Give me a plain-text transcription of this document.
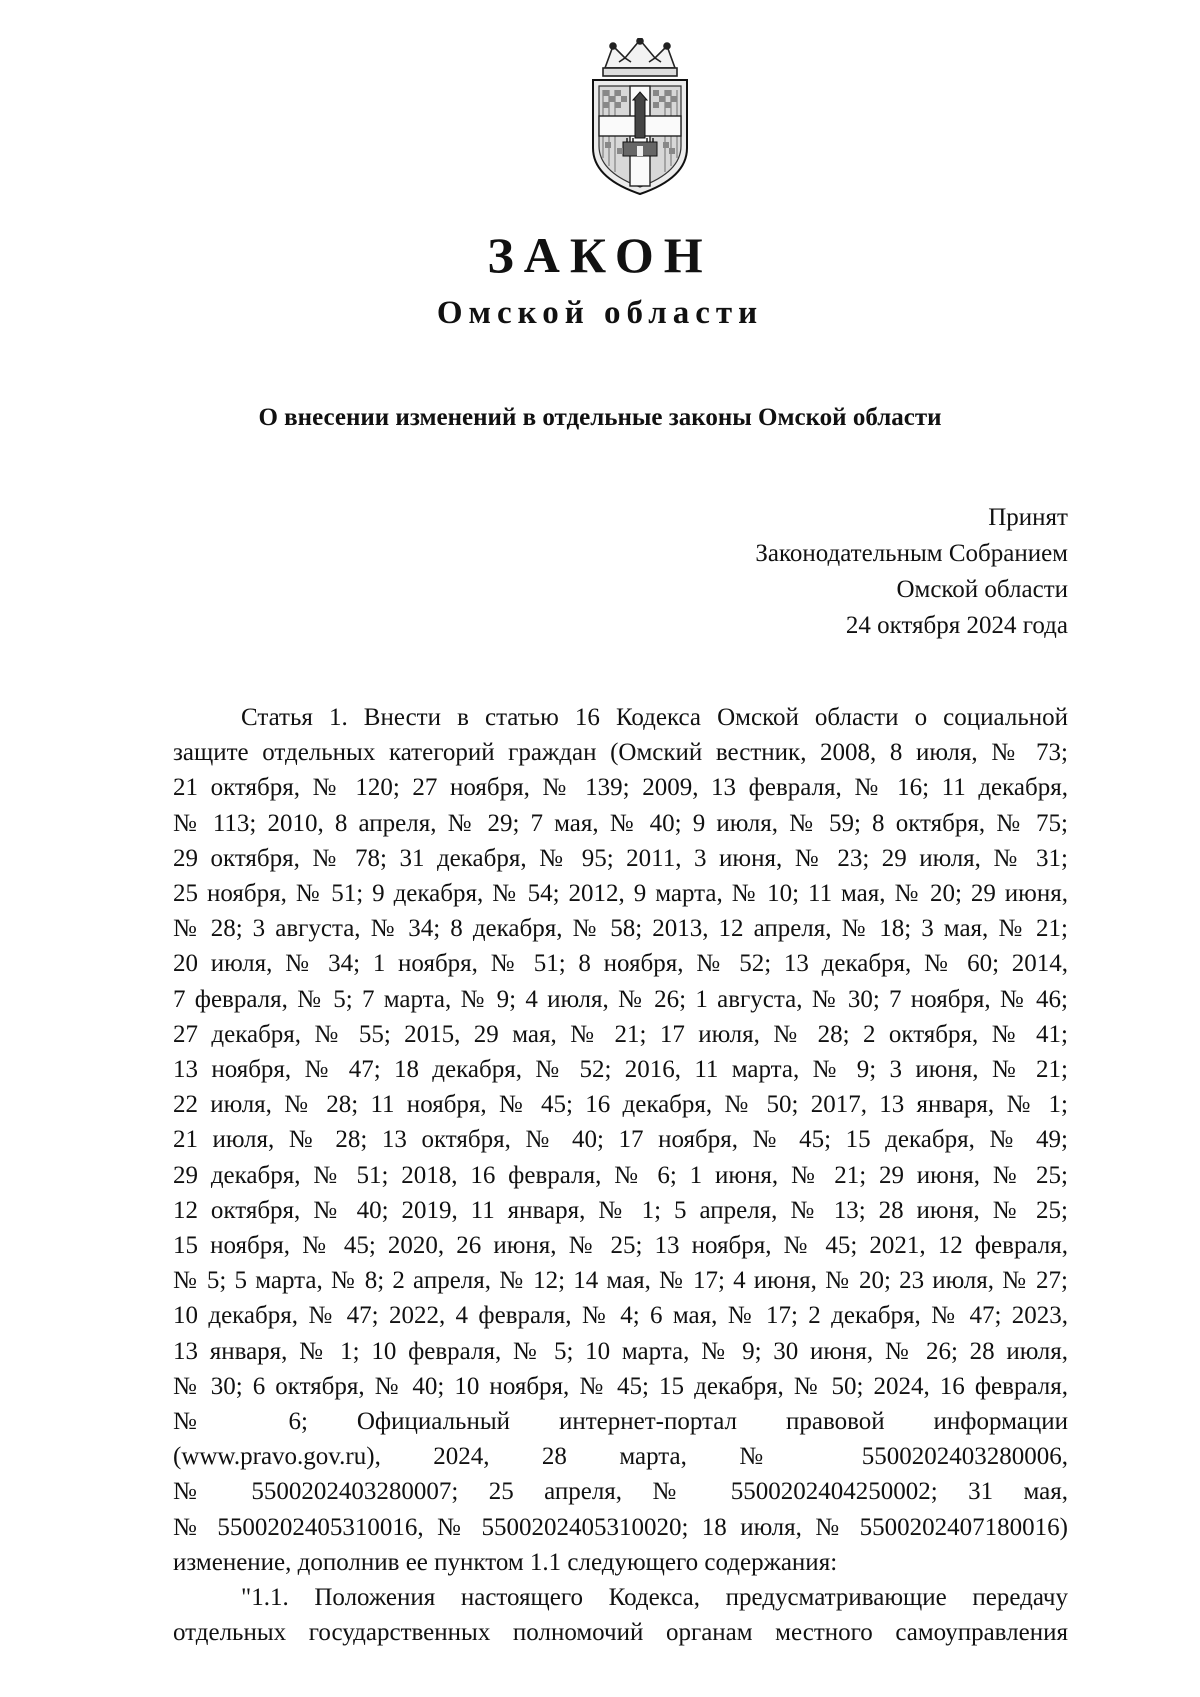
ЗАКОН
Омской области
О внесении изменений в отдельные законы Омской области
Принят
Законодательным Собранием
Омской области
24 октября 2024 года
Статья 1. Внести в статью 16 Кодекса Омской области о социальной
защите отдельных категорий граждан (Омский вестник, 2008, 8 июля, № 73;
21 октября, № 120; 27 ноября, № 139; 2009, 13 февраля, № 16; 11 декабря,
№ 113; 2010, 8 апреля, № 29; 7 мая, № 40; 9 июля, № 59; 8 октября, № 75;
29 октября, № 78; 31 декабря, № 95; 2011, 3 июня, № 23; 29 июля, № 31;
25 ноября, № 51; 9 декабря, № 54; 2012, 9 марта, № 10; 11 мая, № 20; 29 июня,
№ 28; 3 августа, № 34; 8 декабря, № 58; 2013, 12 апреля, № 18; 3 мая, № 21;
20 июля, № 34; 1 ноября, № 51; 8 ноября, № 52; 13 декабря, № 60; 2014,
7 февраля, № 5; 7 марта, № 9; 4 июля, № 26; 1 августа, № 30; 7 ноября, № 46;
27 декабря, № 55; 2015, 29 мая, № 21; 17 июля, № 28; 2 октября, № 41;
13 ноября, № 47; 18 декабря, № 52; 2016, 11 марта, № 9; 3 июня, № 21;
22 июля, № 28; 11 ноября, № 45; 16 декабря, № 50; 2017, 13 января, № 1;
21 июля, № 28; 13 октября, № 40; 17 ноября, № 45; 15 декабря, № 49;
29 декабря, № 51; 2018, 16 февраля, № 6; 1 июня, № 21; 29 июня, № 25;
12 октября, № 40; 2019, 11 января, № 1; 5 апреля, № 13; 28 июня, № 25;
15 ноября, № 45; 2020, 26 июня, № 25; 13 ноября, № 45; 2021, 12 февраля,
№ 5; 5 марта, № 8; 2 апреля, № 12; 14 мая, № 17; 4 июня, № 20; 23 июля, № 27;
10 декабря, № 47; 2022, 4 февраля, № 4; 6 мая, № 17; 2 декабря, № 47; 2023,
13 января, № 1; 10 февраля, № 5; 10 марта, № 9; 30 июня, № 26; 28 июля,
№ 30; 6 октября, № 40; 10 ноября, № 45; 15 декабря, № 50; 2024, 16 февраля,
№ 6; Официальный интернет-портал правовой информации
(www.pravo.gov.ru), 2024, 28 марта, № 5500202403280006,
№ 5500202403280007; 25 апреля, № 5500202404250002; 31 мая,
№ 5500202405310016, № 5500202405310020; 18 июля, № 5500202407180016)
изменение, дополнив ее пунктом 1.1 следующего содержания:
"1.1. Положения настоящего Кодекса, предусматривающие передачу
отдельных государственных полномочий органам местного самоуправления
